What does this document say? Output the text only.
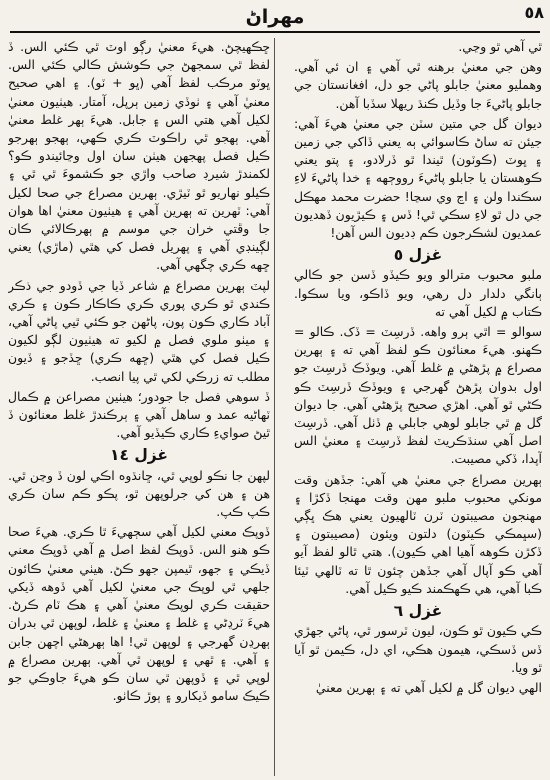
مهراڻ	٥٨

ٿي آهي ٿو وڃي.

وهن جي معنيٰ برهنه ٿي آهي ۽ ان ئي آهي. وهمليو معنيٰ جابلو پاڻي جو دل، افغانستان جي جابلو پاڻيءَ جا وڏيل ڪنڌ ريهلا سڏبا آهن.

ديوان گل جي متين سٽن جي معنيٰ هيءَ آهي: جيئن ته ساڻ ڪاسوائي ٻه يعني ڏاکي جي زمين ۽ ڀوٽ (ڪوٽون) ٿيندا ٿو ڏرلادو، ۽ پتو يعني ڪوهستان يا جابلو پاڻيءَ رووڄهه ۽ خدا پاڻيءَ لاءِ سڪندا ولن ۽ اڃ وي سڃا! حضرت محمد مهڪل جي دل ٿو لاءِ سڪي ٿي! ڏس ۽ ڪيڙيون ڏهديون عمديون لشڪرجون ڪم ڊديون الس آهن!

غزل ٥

ملبو محبوب مترالو ويو ڪيڏو ڏسن جو ڪالي ٻانگي دلدار دل رهي، ويو ڏاڪو، ويا سڪوا. ڪتاب ۾ لکيل آهي ته

سوالو = اٿي ٻرو واهه. ڏرسِٽ = ڏک. ڪالو = ڪهنو. هيءَ معنائون ڪو لفظ آهي ته ۽ ٻهرين مصراع ۾ پڙهڻي ۾ غلط آهي. ويوڏڪ ڏرسِٽ جو اول بدوان پڙهڻ گهرجي ۽ ويوڏڪ ڏرسِٽ ڪو ڪڻي ٿو آهي. اهڙي صحيح پڙهڻي آهي. جا ديوان گل ۾ ٿي جابلو لوهي جابلي ۾ ڏٺل آهي. ڏرسِٽ اصل آهي سنڌڪريٽ لفظ ڏرسِٽ ۽ معنيٰ الس آپدا، ڏکي مصيبت.

ٻهرين مصراع جي معنيٰ هي آهي: جڏهن وقت مونکي محبوب ملبو مهن وقت مهنجا ڏکڙا ۽ مهنجون مصيبتون ٽرن ٽالهيون يعني هڪ ڀڳي (سڀمڪي ڪيٽون) دلتون ويئون (مصيبتون ۽ ڏکڙن ڪوهه آهيا اهي ڪيون). هتي ٿالو لفظ آيو آهي ڪو آپال آهي جڏهن چئون ٿا ته ٽالهي ٽيئا ڪبا آهي، هي ڪهڪمند ڪيو ڪيل آهي.

غزل ٦

ڪي ڪيون ٿو ڪون، ليون ٽرسور ٿي، پاڻي جهڙي ڏس ڏسڪي، هيمون هڪي، اي دل، ڪيمن ٿو آيا ٿو ويا.

الهي ديوان گل ۾ لکيل آهي ته ۽ ٻهرين معنيٰ

ڇڪهيچڻ. هيءَ معنيٰ رڳو اوٽ ٿي ڪئي الس. ڏ لفظ ٿي سمجهڻ جي ڪوشش ڪالي ڪئي الس. ڀوٽو مرڪب لفظ آهي (ڀو + ٽو). ۽ اهي صحيح معنيٰ آهي ۽ ٺوڏي زمين ٻرپل، آمتار. هيٺيون معنيٰ لکيل آهي هتي الس ۽ جابل. هيءَ ٻهر غلط معنيٰ آهي. ٻهجو ٿي راڪوٽ ڪري ڪهي، ٻهجو ٻهرجو ڪيل فصل پهجهن هيٺن سان اول وڃائيندو ڪو؟ لکمندڙ شيرڊ صاحب واڙي جو ڪشموءَ ٿي ٿي ۽ ڪيلو نهاريو ٿو ٽيڙي. ٻهرين مصراع جي صحا لکيل آهي: ٽهرين ته ٻهرين آهي ۽ هيٺيون معنيٰ اها هوان جا وڦتي خران جي موسم ۾ ٻهرڪالائي ڪان لڳينڊي آهي ۽ پهريل فصل کي هٿي (ماڙي) يعني ڇهه ڪري چگهي آهي.

لپٽ ٻهرين مصراع ۾ شاعر ڏيا جي ڏودو جي ذڪر ڪندي ٿو ڪري پوري ڪري ڪاڪار ڪون ۽ ڪري آباد ڪاري ڪون پون، پاڻهن جو ڪئي ٿيي پاڻي آهي، ۽ ميٺو ملوي فصل ۾ لکيو ته هيٺيون لڳو لکيون ڪيل فصل کي هٿي (ڇهه ڪري) ڇڏجو ۽ ڏيون مطلب ته زرڪي لکي ٿي پيا انصب.

ڏ سوهي فصل جا جودور؛ هيٺين مصراعن ۾ ڪمال ٽهاڻيه عمد و ساهل آهي ۽ ٻرڪندڙ غلط معنائون ڏ ٿيڻ صوايءِ ڪاري ڪيڏيو آهي.

غزل ١٤

لپهن جا نڪو لوپي ٿي، ڇانڌوه اڪي لون ڏ وڃن ٿي. هن ۽ هن کي جرلوپهن ٿو، پڪو ڪم سان ڪري ڪپ ڪپ.

ڏوپڪ معني لکيل آهي سڄهيءَ ٿا ڪري. هيءَ صحا ڪو هنو الس. ڏوپڪ لفظ اصل ۾ آهي ڏوپڪ معني ڏيڪي ۽ جهو، ٿيمپن جهو ڪڻ. هيٺي معنيٰ ڪائون جلهي ٿي لوپڪ جي معنيٰ لکيل آهي ڏوهه ڏيکي حقيقت ڪري لوپڪ معنيٰ آهي ۽ هڪ ٽام ڪرڻ. هيءَ ٽرڍڻي ۽ غلط ۽ معنيٰ ۽ غلط، لوپهن ٿي بدران ٻهرڍن گهرجي ۽ لوپهن ٿي! اها ٻهرهڻي اچهن جابن ۽ آهي. ۽ ٿهي ۽ لوپهن ٿي آهي. ٻهرين مصراع ۾ لوپي ٿي ۽ ڏوپهن ٿي سان ڪو هيءَ جاوڪي جو ڪيڪ سامو ڏيکارو ۽ ٻوڙ ڪاٺو.
